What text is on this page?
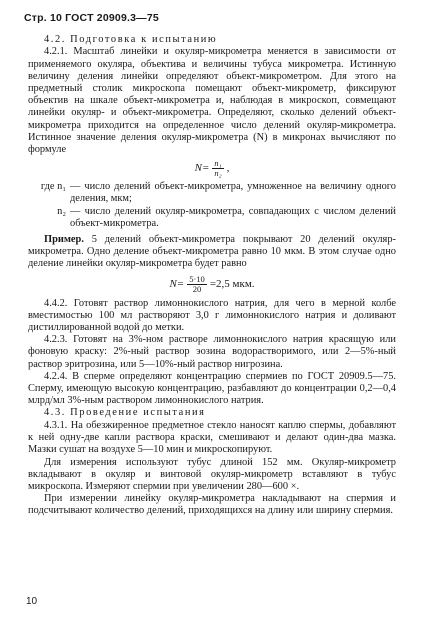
Стр. 10 ГОСТ 20909.3—75

4.2. Подготовка к испытанию

4.2.1. Масштаб линейки и окуляр-микрометра меняется в зависимости от применяемого окуляра, объектива и величины тубуса микрометра. Истинную величину деления линейки определяют объект-микрометром. Для этого на предметный столик микроскопа помещают объект-микрометр, фиксируют объектив на шкале объект-микрометра и, наблюдая в микроскоп, совмещают линейки окуляр- и объект-микрометра. Определяют, сколько делений объект-микрометра приходится на определенное число делений окуляр-микрометра. Истинное значение деления окуляр-микрометра (N) в микронах вычисляют по формуле

$N= \frac{\text{n₁}}{\text{n₂}}$ ,
где n₁ — число делений объект-микрометра, умноженное на величину одного деления, мкм;
n₂ — число делений окуляр-микрометра, совпадающих с числом делений объект-микрометра.

Пример. 5 делений объект-микрометра покрывают 20 делений окуляр-микрометра. Одно деление объект-микрометра равно 10 мкм. В этом случае одно деление линейки окуляр-микрометра будет равно

$N= \frac{5\cdot 10}{20} =2,5$ мкм.

4.4.2. Готовят раствор лимоннокислого натрия, для чего в мерной колбе вместимостью 100 мл растворяют 3,0 г лимоннокислого натрия и доливают дистиллированной водой до метки.

4.2.3. Готовят на 3%-ном растворе лимоннокислого натрия красящую или фоновую краску: 2%-ный раствор эозина водорастворимого, или 2—5%-ный раствор эритрозина, или 5—10%-ный раствор нигрозина.

4.2.4. В сперме определяют концентрацию спермиев по ГОСТ 20909.5—75. Сперму, имеющую высокую концентрацию, разбавляют до концентрации 0,2—0,4 млрд/мл 3%-ным раствором лимоннокислого натрия.

4.3. Проведение испытания

4.3.1. На обезжиренное предметное стекло наносят каплю спермы, добавляют к ней одну-две капли раствора краски, смешивают и делают один-два мазка. Мазки сушат на воздухе 5—10 мин и микроскопируют.

Для измерения используют тубус длиной 152 мм. Окуляр-микрометр вкладывают в окуляр и винтовой окуляр-микрометр вставляют в тубус микроскопа. Измеряют спермии при увеличении 280—600 ×.

При измерении линейку окуляр-микрометра накладывают на спермия и подсчитывают количество делений, приходящихся на длину или ширину спермия.

10
